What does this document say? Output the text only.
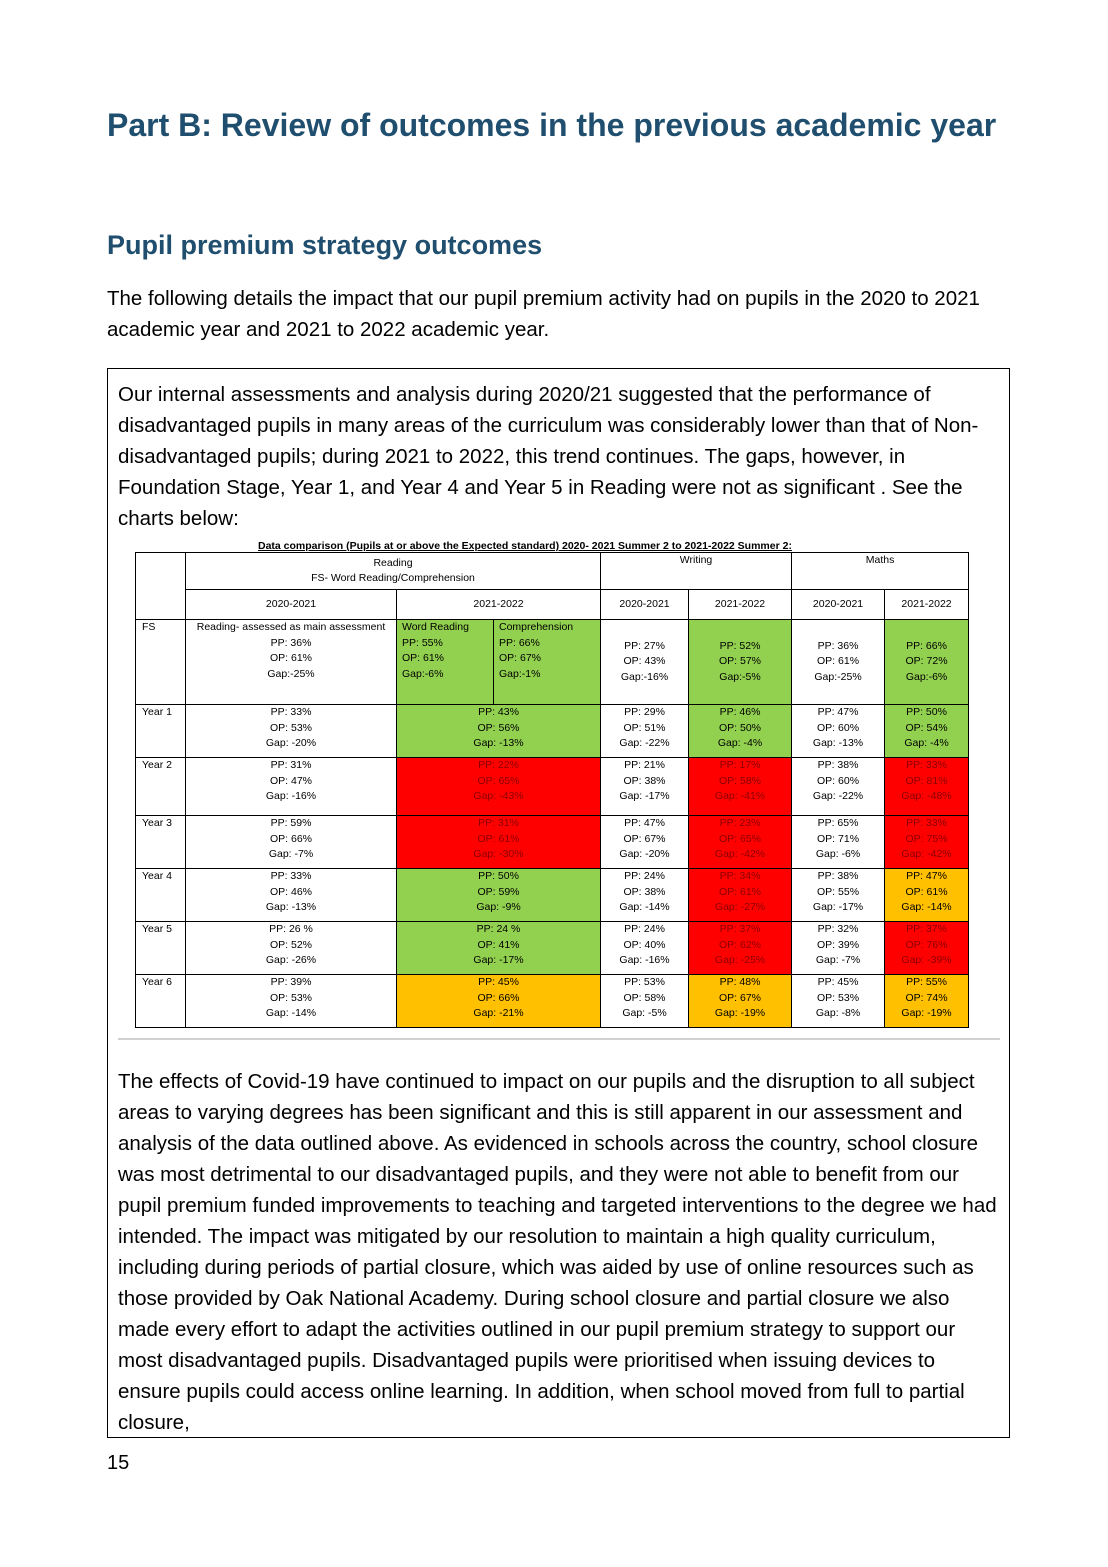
Part B: Review of outcomes in the previous academic year
Pupil premium strategy outcomes

The following details the impact that our pupil premium activity had on pupils in the 2020 to 2021 academic year and 2021 to 2022 academic year.

Our internal assessments and analysis during 2020/21 suggested that the performance of disadvantaged pupils in many areas of the curriculum was considerably lower than that of Non-disadvantaged pupils; during 2021 to 2022, this trend continues. The gaps, however, in Foundation Stage, Year 1, and Year 4 and Year 5 in Reading were not as significant . See the charts below:

Data comparison (Pupils at or above the Expected standard) 2020- 2021 Summer 2 to 2021-2022 Summer 2:
	Reading
FS- Word Reading/Comprehension			Writing		Maths	
	2020-2021	2021-2022		2020-2021	2021-2022	2020-2021	2021-2022
FS	Reading- assessed as main assessment
PP: 36%
OP: 61%
Gap:-25%	Word Reading
PP: 55%
OP: 61%
Gap:-6%	Comprehension
PP: 66%
OP: 67%
Gap:-1%	PP: 27%
OP: 43%
Gap:-16%	PP: 52%
OP: 57%
Gap:-5%	PP: 36%
OP: 61%
Gap:-25%	PP: 66%
OP: 72%
Gap:-6%
Year 1	PP: 33%
OP: 53%
Gap: -20%	PP: 43%
OP: 56%
Gap: -13%		PP: 29%
OP: 51%
Gap: -22%	PP: 46%
OP: 50%
Gap: -4%	PP: 47%
OP: 60%
Gap: -13%	PP: 50%
OP: 54%
Gap: -4%
Year 2	PP: 31%
OP: 47%
Gap: -16%	PP: 22%
OP: 65%
Gap: -43%		PP: 21%
OP: 38%
Gap: -17%	PP: 17%
OP: 58%
Gap: -41%	PP: 38%
OP: 60%
Gap: -22%	PP: 33%
OP: 81%
Gap: -48%
Year 3	PP: 59%
OP: 66%
Gap: -7%	PP: 31%
OP: 61%
Gap: -30%		PP: 47%
OP: 67%
Gap: -20%	PP: 23%
OP: 65%
Gap: -42%	PP: 65%
OP: 71%
Gap: -6%	PP: 33%
OP: 75%
Gap: -42%
Year 4	PP: 33%
OP: 46%
Gap: -13%	PP: 50%
OP: 59%
Gap: -9%		PP: 24%
OP: 38%
Gap: -14%	PP: 34%
OP: 61%
Gap: -27%	PP: 38%
OP: 55%
Gap: -17%	PP: 47%
OP: 61%
Gap: -14%
Year 5	PP: 26 %
OP: 52%
Gap: -26%	PP: 24 %
OP: 41%
Gap: -17%		PP: 24%
OP: 40%
Gap: -16%	PP: 37%
OP: 62%
Gap: -25%	PP: 32%
OP: 39%
Gap: -7%	PP: 37%
OP: 76%
Gap: -39%
Year 6	PP: 39%
OP: 53%
Gap: -14%	PP: 45%
OP: 66%
Gap: -21%		PP: 53%
OP: 58%
Gap: -5%	PP: 48%
OP: 67%
Gap: -19%	PP: 45%
OP: 53%
Gap: -8%	PP: 55%
OP: 74%
Gap: -19%

The effects of Covid-19 have continued to impact on our pupils and the disruption to all subject areas to varying degrees has been significant and this is still apparent in our assessment and analysis of the data outlined above. As evidenced in schools across the country, school closure was most detrimental to our disadvantaged pupils, and they were not able to benefit from our pupil premium funded improvements to teaching and targeted interventions to the degree we had intended. The impact was mitigated by our resolution to maintain a high quality curriculum, including during periods of partial closure, which was aided by use of online resources such as those provided by Oak National Academy. During school closure and partial closure we also made every effort to adapt the activities outlined in our pupil premium strategy to support our most disadvantaged pupils. Disadvantaged pupils were prioritised when issuing devices to ensure pupils could access online learning. In addition, when school moved from full to partial closure,

15
